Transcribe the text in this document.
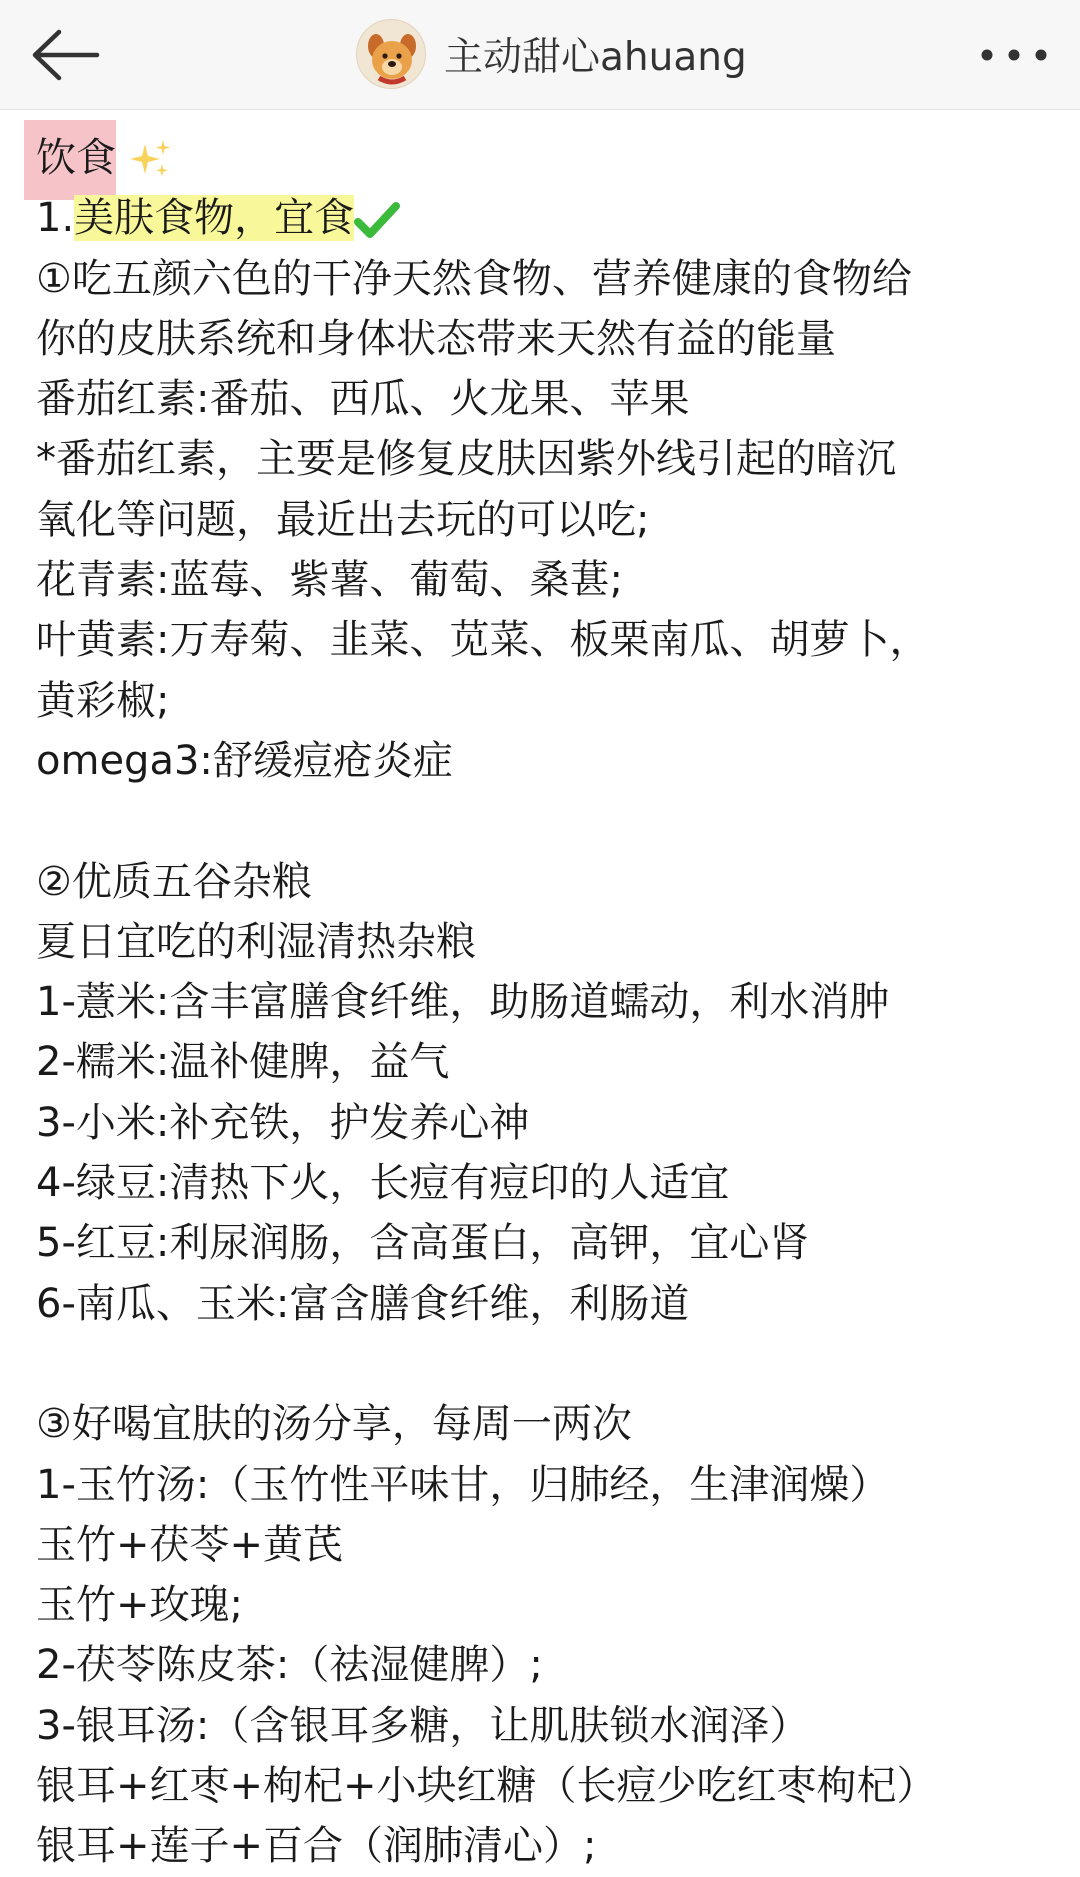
主动甜心ahuang
饮食
1.美肤食物，宜食
①吃五颜六色的干净天然食物、营养健康的食物给
你的皮肤系统和身体状态带来天然有益的能量
番茄红素:番茄、西瓜、火龙果、苹果
*番茄红素，主要是修复皮肤因紫外线引起的暗沉
氧化等问题，最近出去玩的可以吃;
花青素:蓝莓、紫薯、葡萄、桑葚;
叶黄素:万寿菊、韭菜、苋菜、板栗南瓜、胡萝卜，
黄彩椒;
omega3:舒缓痘疮炎症
②优质五谷杂粮
夏日宜吃的利湿清热杂粮
1-薏米:含丰富膳食纤维，助肠道蠕动，利水消肿
2-糯米:温补健脾，益气
3-小米:补充铁，护发养心神
4-绿豆:清热下火，长痘有痘印的人适宜
5-红豆:利尿润肠，含高蛋白，高钾，宜心肾
6-南瓜、玉米:富含膳食纤维，利肠道
③好喝宜肤的汤分享，每周一两次
1-玉竹汤:（玉竹性平味甘，归肺经，生津润燥）
玉竹+茯苓+黄芪
玉竹+玫瑰;
2-茯苓陈皮茶:（祛湿健脾）;
3-银耳汤:（含银耳多糖，让肌肤锁水润泽）
银耳+红枣+枸杞+小块红糖（长痘少吃红枣枸杞）
银耳+莲子+百合（润肺清心）;
